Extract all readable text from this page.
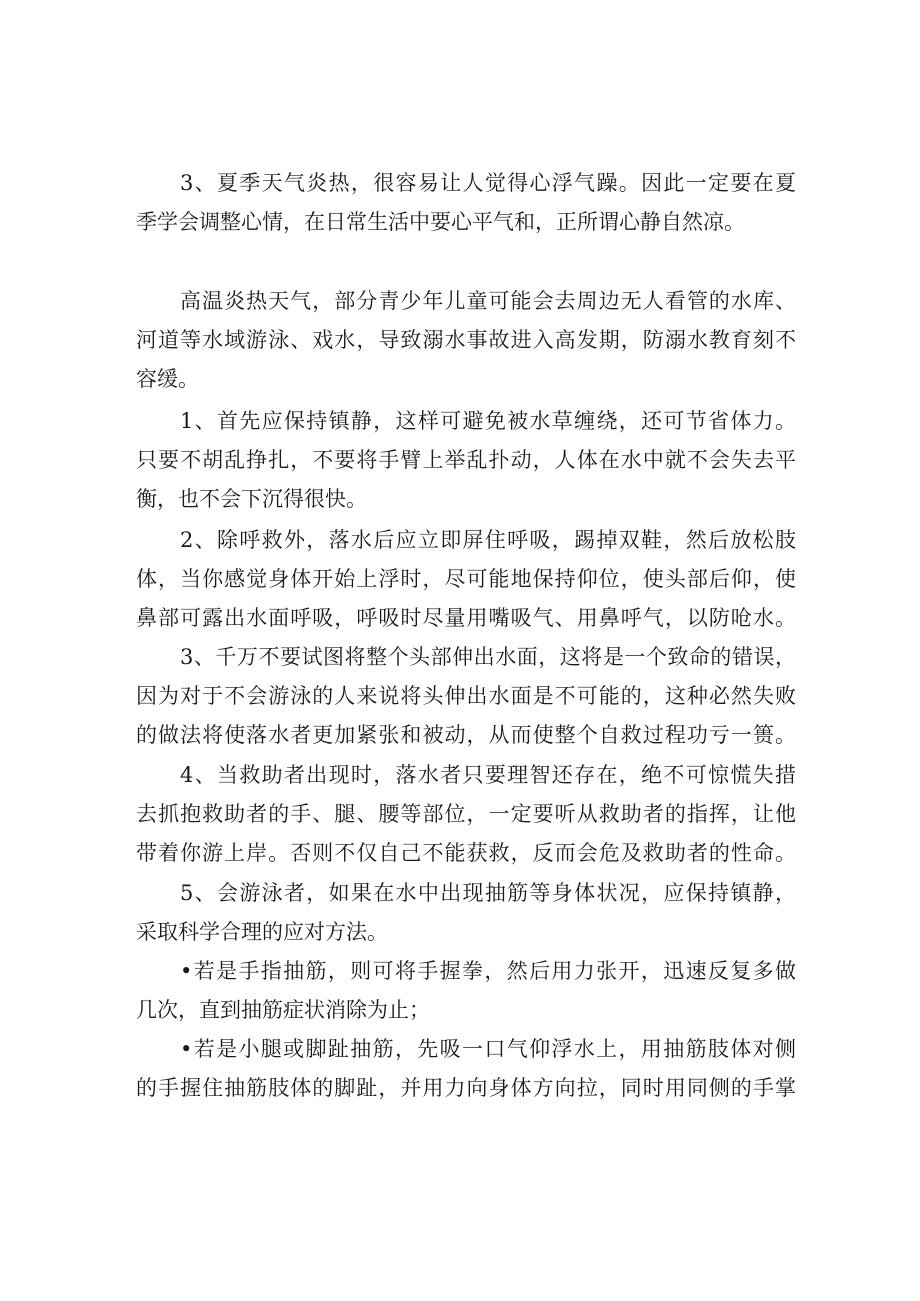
3、夏季天气炎热，很容易让人觉得心浮气躁。因此一定要在夏
季学会调整心情，在日常生活中要心平气和，正所谓心静自然凉。
高温炎热天气，部分青少年儿童可能会去周边无人看管的水库、
河道等水域游泳、戏水，导致溺水事故进入高发期，防溺水教育刻不
容缓。
1、首先应保持镇静，这样可避免被水草缠绕，还可节省体力。
只要不胡乱挣扎，不要将手臂上举乱扑动，人体在水中就不会失去平
衡，也不会下沉得很快。
2、除呼救外，落水后应立即屏住呼吸，踢掉双鞋，然后放松肢
体，当你感觉身体开始上浮时，尽可能地保持仰位，使头部后仰，使
鼻部可露出水面呼吸，呼吸时尽量用嘴吸气、用鼻呼气，以防呛水。
3、千万不要试图将整个头部伸出水面，这将是一个致命的错误，
因为对于不会游泳的人来说将头伸出水面是不可能的，这种必然失败
的做法将使落水者更加紧张和被动，从而使整个自救过程功亏一篑。
4、当救助者出现时，落水者只要理智还存在，绝不可惊慌失措
去抓抱救助者的手、腿、腰等部位，一定要听从救助者的指挥，让他
带着你游上岸。否则不仅自己不能获救，反而会危及救助者的性命。
5、会游泳者，如果在水中出现抽筋等身体状况，应保持镇静，
采取科学合理的应对方法。
•若是手指抽筋，则可将手握拳，然后用力张开，迅速反复多做
几次，直到抽筋症状消除为止；
•若是小腿或脚趾抽筋，先吸一口气仰浮水上，用抽筋肢体对侧
的手握住抽筋肢体的脚趾，并用力向身体方向拉，同时用同侧的手掌
